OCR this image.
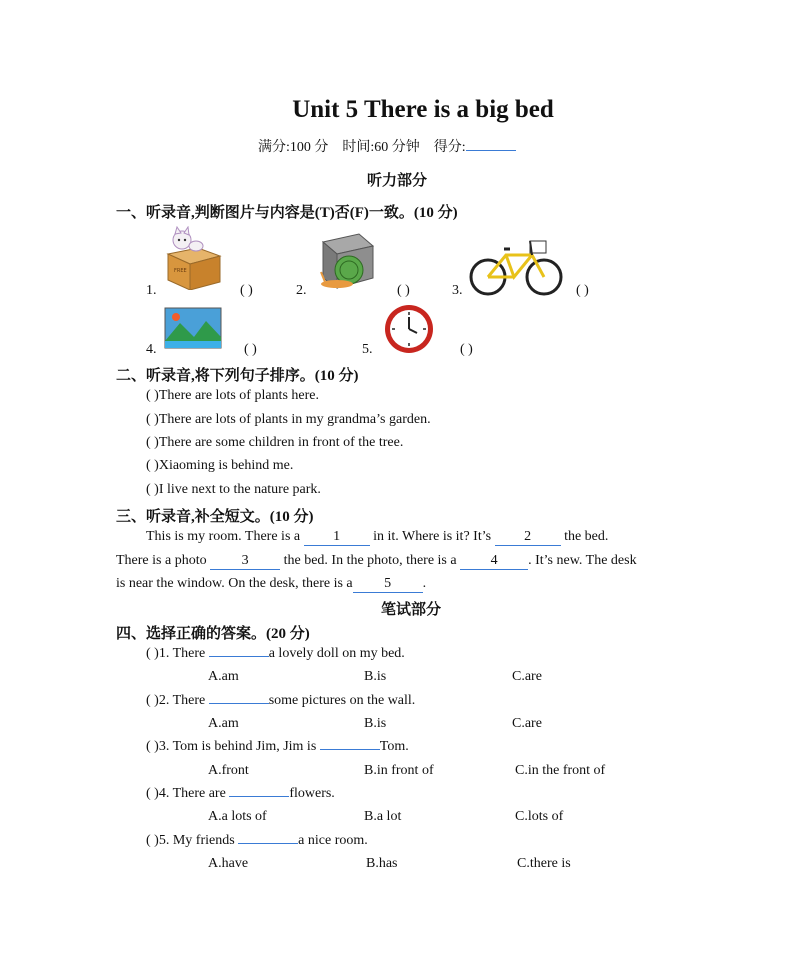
Unit 5 There is a big bed
满分:100 分 时间:60 分钟 得分:
听力部分
一、听录音,判断图片与内容是(T)否(F)一致。(10 分)
FREE
1.	( )	2.	( )	3.	( )
4.	( )	5.	( )
二、听录音,将下列句子排序。(10 分)
( )There are lots of plants here.
( )There are lots of plants in my grandma’s garden.
( )There are some children in front of the tree.
( )Xiaoming is behind me.
( )I live next to the nature park.
三、听录音,补全短文。(10 分)
This is my room. There is a 1 in it. Where is it? It’s 2 the bed.
There is a photo	3	the bed. In the photo, there is a 4 . It’s new. The desk
is near the window. On the desk, there is a 5 .
笔试部分
四、选择正确的答案。(20 分)
( )1. There	a lovely doll on my bed.
A.am	B.is	C.are
( )2. There	some pictures on the wall.
A.am	B.is	C.are
( )3. Tom is behind Jim, Jim is	Tom.
A.front	B.in front of	C.in the front of
( )4. There are	flowers.
A.a lots of	B.a lot	C.lots of
( )5. My friends	a nice room.
A.have	B.has	C.there is
